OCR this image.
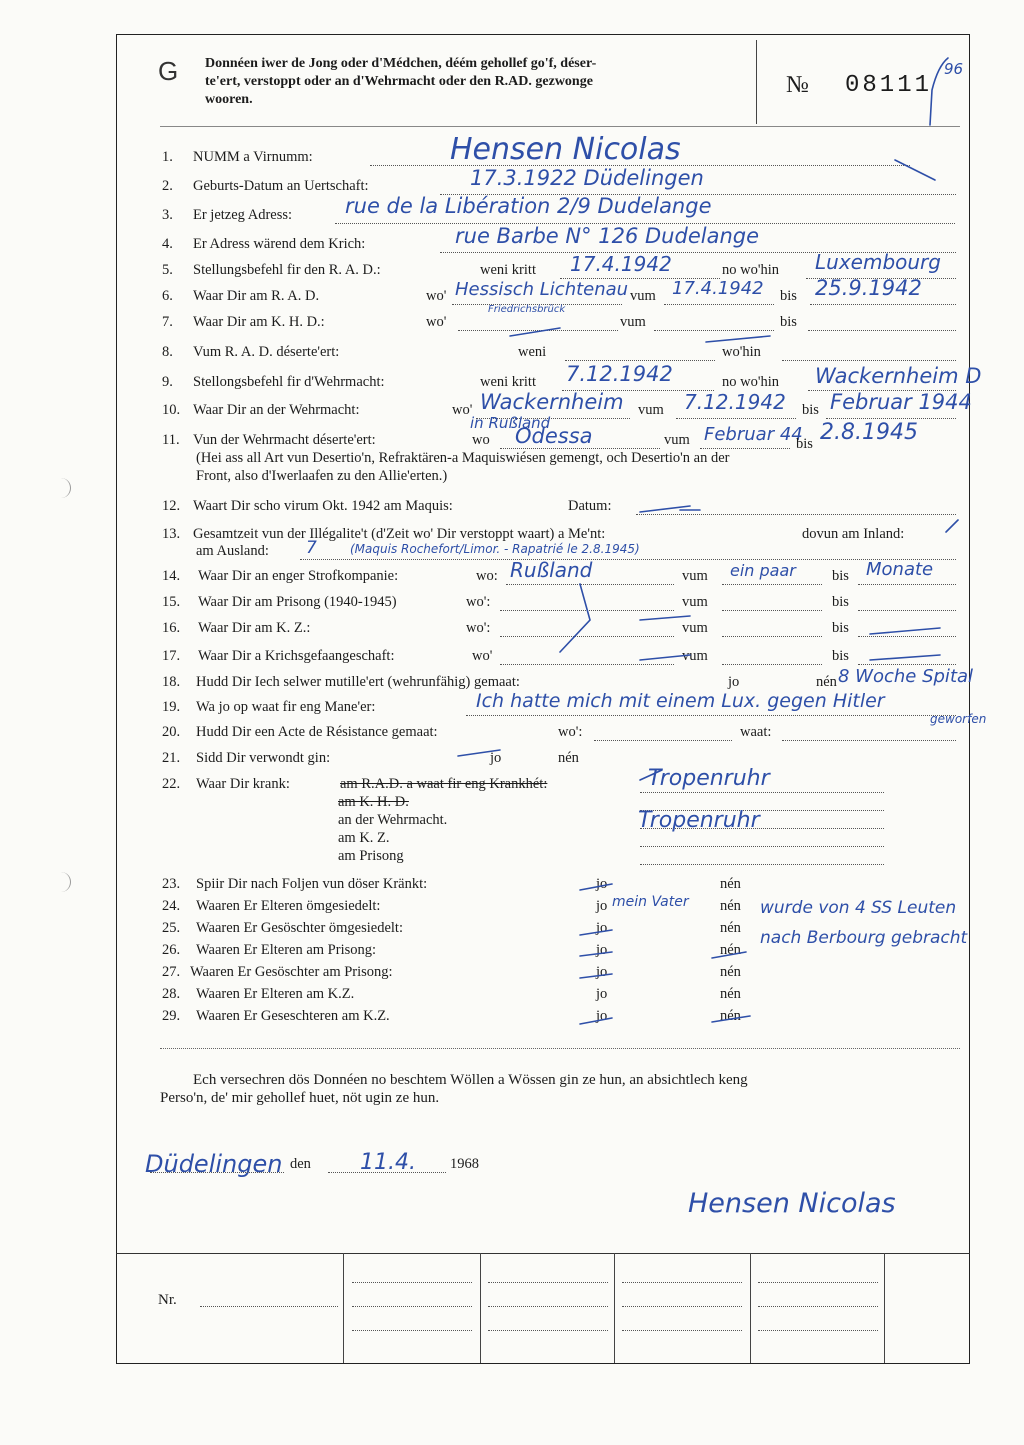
G Donnéen iwer de Jong oder d'Médchen, déém gehollef go'f, déser-
te'ert, verstoppt oder an d'Wehrmacht oder den R.AD. gezwonge
wooren.
№ 08111
96
1. NUMM a Virnumm:	Hensen Nicolas
2. Geburts-Datum an Uertschaft:	17.3.1922 Düdelingen
3. Er jetzeg Adress:	rue de la Libération 2/9 Dudelange
4. Er Adress wärend dem Krich:	rue Barbe N° 126 Dudelange
5. Stellungsbefehl fir den R. A. D.:	weni kritt 17.4.1942	no wo'hin Luxembourg
6. Waar Dir am R. A. D.	wo' Hessisch Lichtenau
Friedrichsbrück
vum 17.4.1942 bis 25.9.1942
7. Waar Dir am K. H. D.:	wo'	vum	bis
8. Vum R. A. D. déserte'ert:	weni	wo'hin
9. Stellongsbefehl fir d'Wehrmacht:	weni kritt 7.12.1942	no wo'hin Wackernheim D
10. Waar Dir an der Wehrmacht:	wo' Wackernheim vum 7.12.1942 bis Februar 1944
11. Vun der Wehrmacht déserte'ert:	wo
in Rußland
Odessa	vum Februar 44
bis 2.8.1945
(Hei ass all Art vun Desertio'n, Refraktären-a Maquiswiésen gemengt, och Desertio'n an der
Front, also d'Iwerlaafen zu den Allie'erten.)
12. Waart Dir scho virum Okt. 1942 am Maquis:	Datum:
13. Gesamtzeit vun der Illégalite't (d'Zeit wo' Dir verstoppt waart) a Me'nt:	dovun am Inland:
am Ausland: 7	(Maquis Rochefort/Limor. - Rapatrié le 2.8.1945)
14. Waar Dir an enger Strofkompanie:	wo: Rußland	vum ein paar bis Monate
15. Waar Dir am Prisong (1940-1945)	wo':	vum	bis
16. Waar Dir am K. Z.:	wo':	vum	bis
17. Waar Dir a Krichsgefaangeschaft:	wo'	vum	bis
18. Hudd Dir Iech selwer mutille'ert (wehrunfähig) gemaat:	jo	nén 8 Woche Spital
19. Wa jo op waat fir eng Mane'er:	Ich hatte mich mit einem Lux. gegen Hitler
geworfen
20. Hudd Dir een Acte de Résistance gemaat:	wo':	waat:
21. Sidd Dir verwondt gin:	jo	nén
22. Waar Dir krank:	am R.A.D. a waat fir eng Krankhét:	Tropenruhr
am K. H. D.
an der Wehrmacht.
am K. Z.
am Prisong
Tropenruhr
23. Spiir Dir nach Foljen vun döser Kränkt:	jo	nén
24. Waaren Er Elteren ömgesiedelt:	jo	nén
mein Vater
25. Waaren Er Gesöschter ömgesiedelt:	jo	nén
wurde von 4 SS Leuten
26. Waaren Er Elteren am Prisong:	jo	nén
nach Berbourg gebracht
27. Waaren Er Gesöschter am Prisong:	jo	nén
28. Waaren Er Elteren am K.Z.	jo	nén
29. Waaren Er Geseschteren am K.Z.	jo	nén
Ech versechren dös Donnéen no beschtem Wöllen a Wössen gin ze hun, an absichtlech keng
Perso'n, de' mir gehollef huet, nöt ugin ze hun.
Düdelingen den 11.4. 1968
Hensen Nicolas
Nr.
